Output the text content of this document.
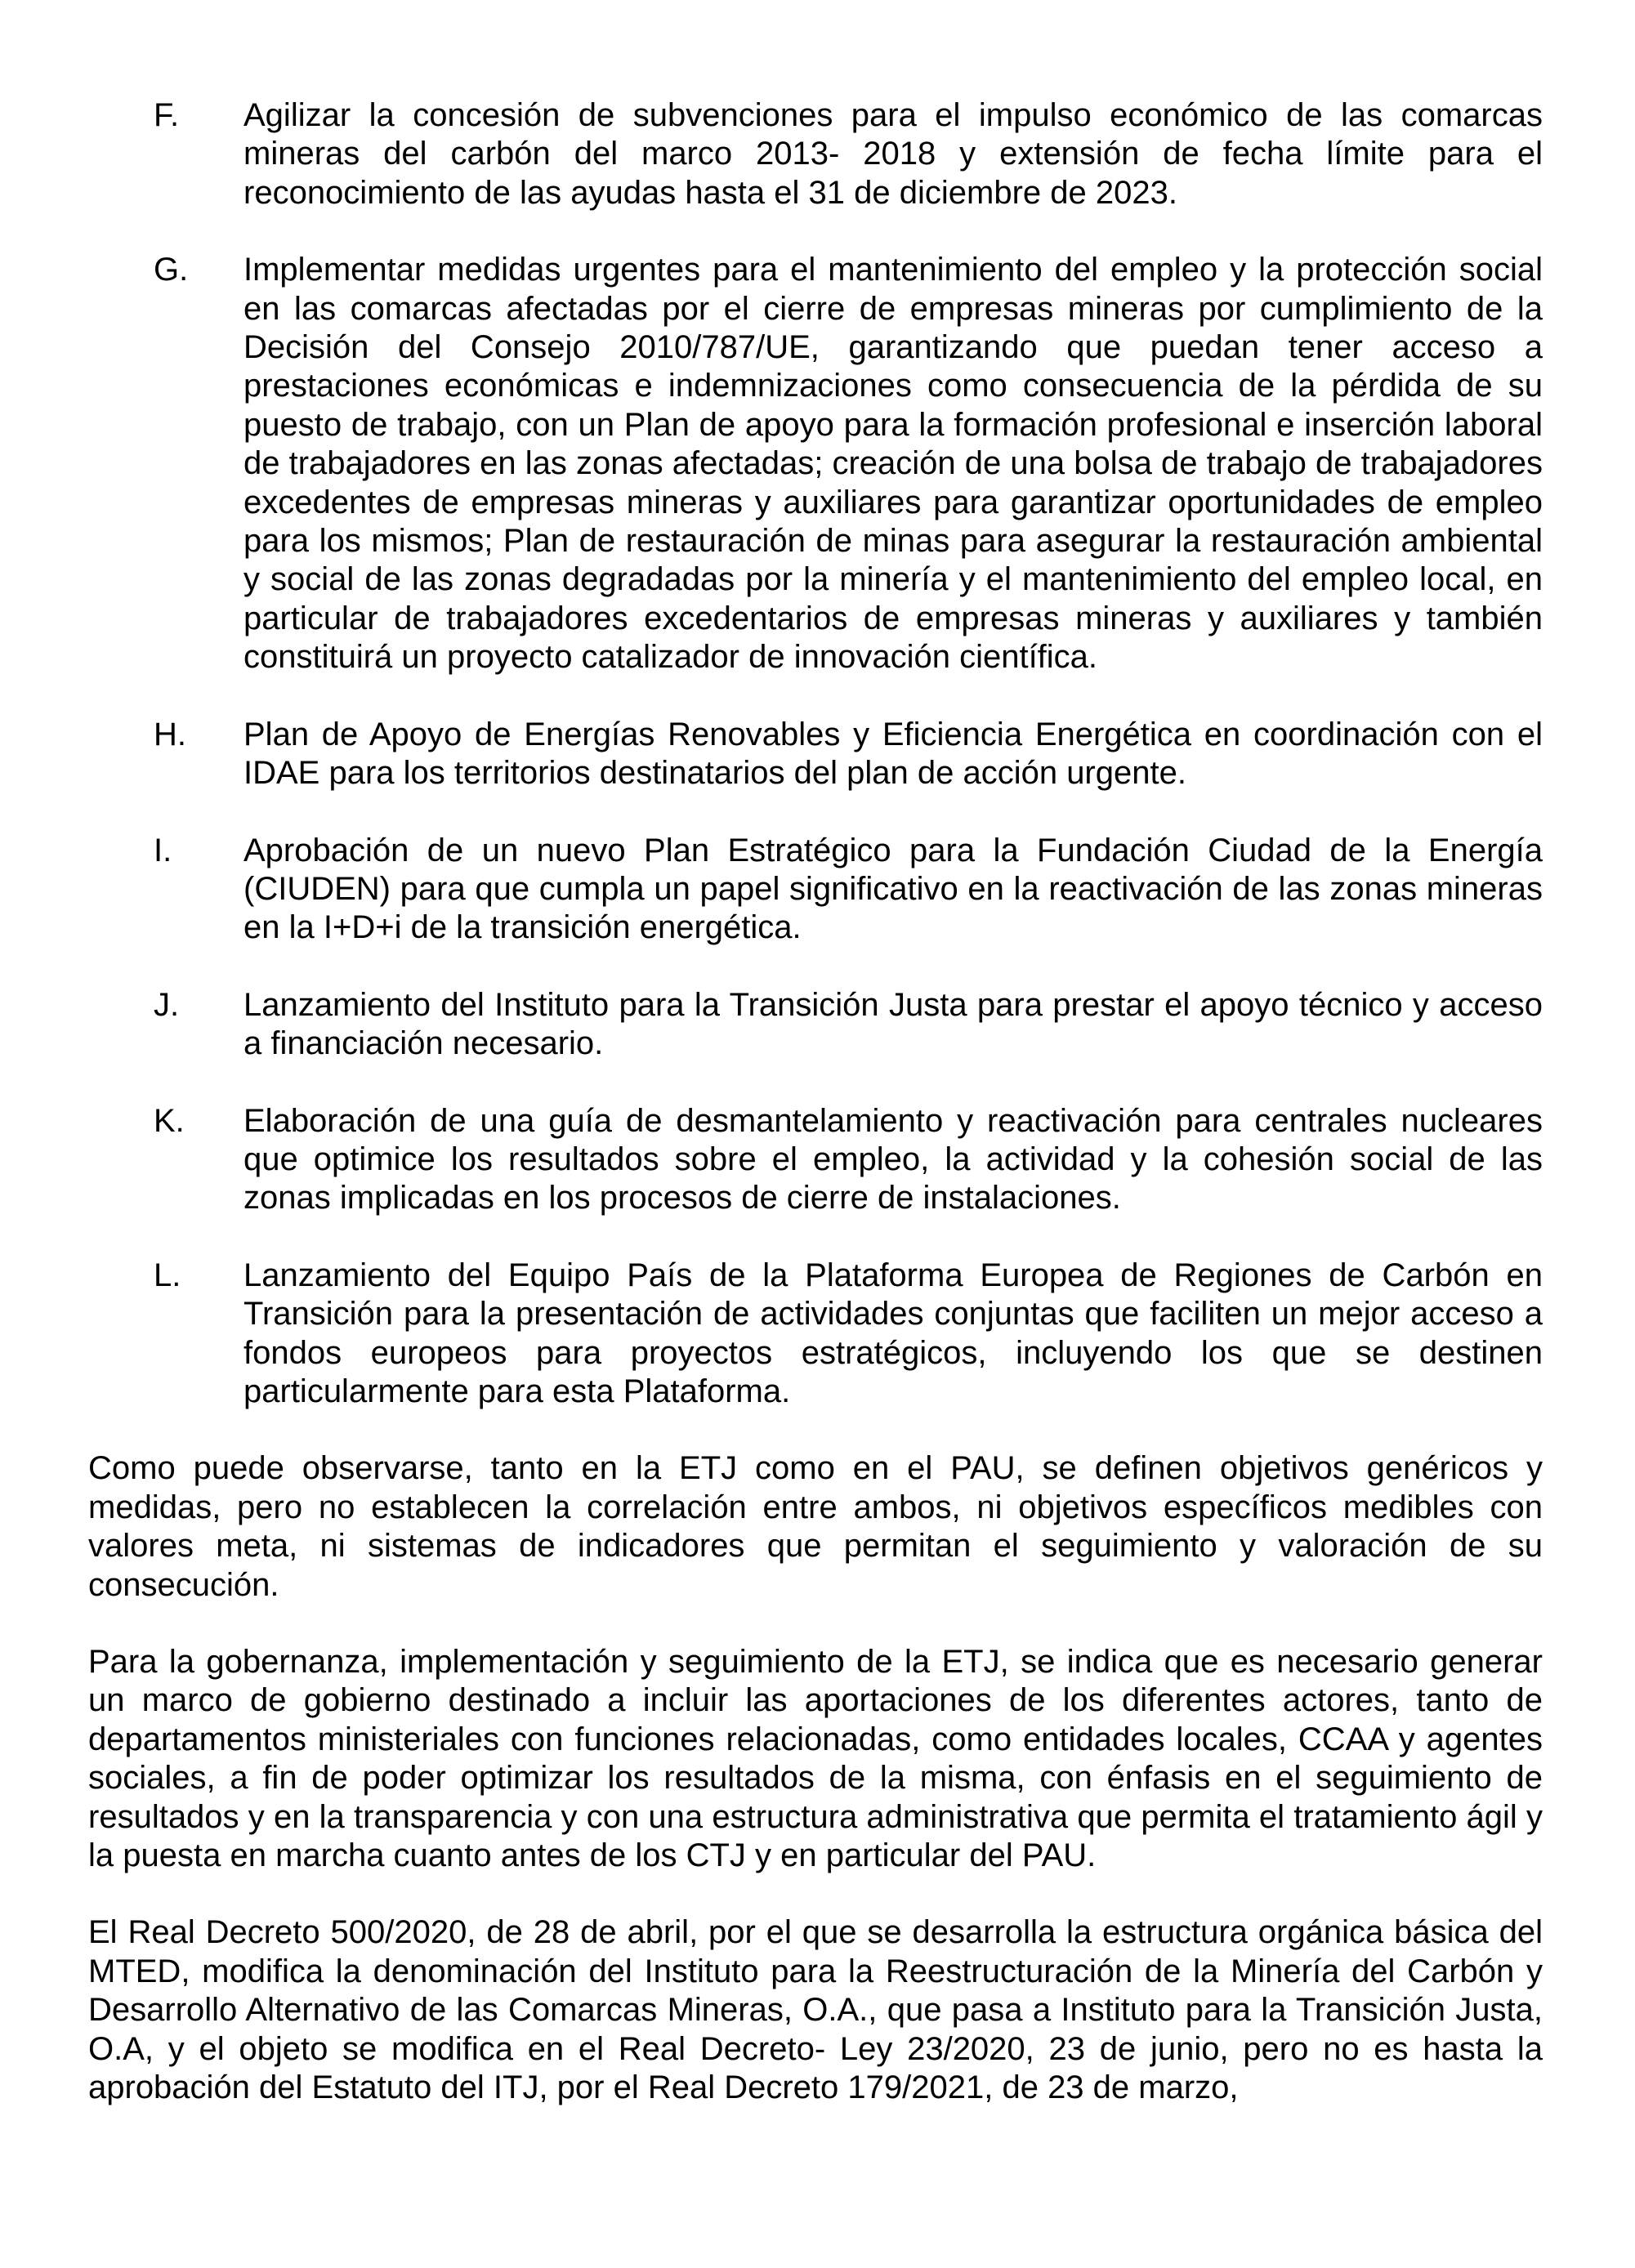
F.	Agilizar la concesión de subvenciones para el impulso económico de las comarcas mineras del carbón del marco 2013- 2018 y extensión de fecha límite para el reconocimiento de las ayudas hasta el 31 de diciembre de 2023.
G.	Implementar medidas urgentes para el mantenimiento del empleo y la protección social en las comarcas afectadas por el cierre de empresas mineras por cumplimiento de la Decisión del Consejo 2010/787/UE, garantizando que puedan tener acceso a prestaciones económicas e indemnizaciones como consecuencia de la pérdida de su puesto de trabajo, con un Plan de apoyo para la formación profesional e inserción laboral de trabajadores en las zonas afectadas; creación de una bolsa de trabajo de trabajadores excedentes de empresas mineras y auxiliares para garantizar oportunidades de empleo para los mismos; Plan de restauración de minas para asegurar la restauración ambiental y social de las zonas degradadas por la minería y el mantenimiento del empleo local, en particular de trabajadores excedentarios de empresas mineras y auxiliares y también constituirá un proyecto catalizador de innovación científica.
H.	Plan de Apoyo de Energías Renovables y Eficiencia Energética en coordinación con el IDAE para los territorios destinatarios del plan de acción urgente.
I.	Aprobación de un nuevo Plan Estratégico para la Fundación Ciudad de la Energía (CIUDEN) para que cumpla un papel significativo en la reactivación de las zonas mineras en la I+D+i de la transición energética.
J.	Lanzamiento del Instituto para la Transición Justa para prestar el apoyo técnico y acceso a financiación necesario.
K.	Elaboración de una guía de desmantelamiento y reactivación para centrales nucleares que optimice los resultados sobre el empleo, la actividad y la cohesión social de las zonas implicadas en los procesos de cierre de instalaciones.
L.	Lanzamiento del Equipo País de la Plataforma Europea de Regiones de Carbón en Transición para la presentación de actividades conjuntas que faciliten un mejor acceso a fondos europeos para proyectos estratégicos, incluyendo los que se destinen particularmente para esta Plataforma.

Como puede observarse, tanto en la ETJ como en el PAU, se definen objetivos genéricos y medidas, pero no establecen la correlación entre ambos, ni objetivos específicos medibles con valores meta, ni sistemas de indicadores que permitan el seguimiento y valoración de su consecución.

Para la gobernanza, implementación y seguimiento de la ETJ, se indica que es necesario generar un marco de gobierno destinado a incluir las aportaciones de los diferentes actores, tanto de departamentos ministeriales con funciones relacionadas, como entidades locales, CCAA y agentes sociales, a fin de poder optimizar los resultados de la misma, con énfasis en el seguimiento de resultados y en la transparencia y con una estructura administrativa que permita el tratamiento ágil y la puesta en marcha cuanto antes de los CTJ y en particular del PAU.

El Real Decreto 500/2020, de 28 de abril, por el que se desarrolla la estructura orgánica básica del MTED, modifica la denominación del Instituto para la Reestructuración de la Minería del Carbón y Desarrollo Alternativo de las Comarcas Mineras, O.A., que pasa a Instituto para la Transición Justa, O.A, y el objeto se modifica en el Real Decreto- Ley 23/2020, 23 de junio, pero no es hasta la aprobación del Estatuto del ITJ, por el Real Decreto 179/2021, de 23 de marzo,
